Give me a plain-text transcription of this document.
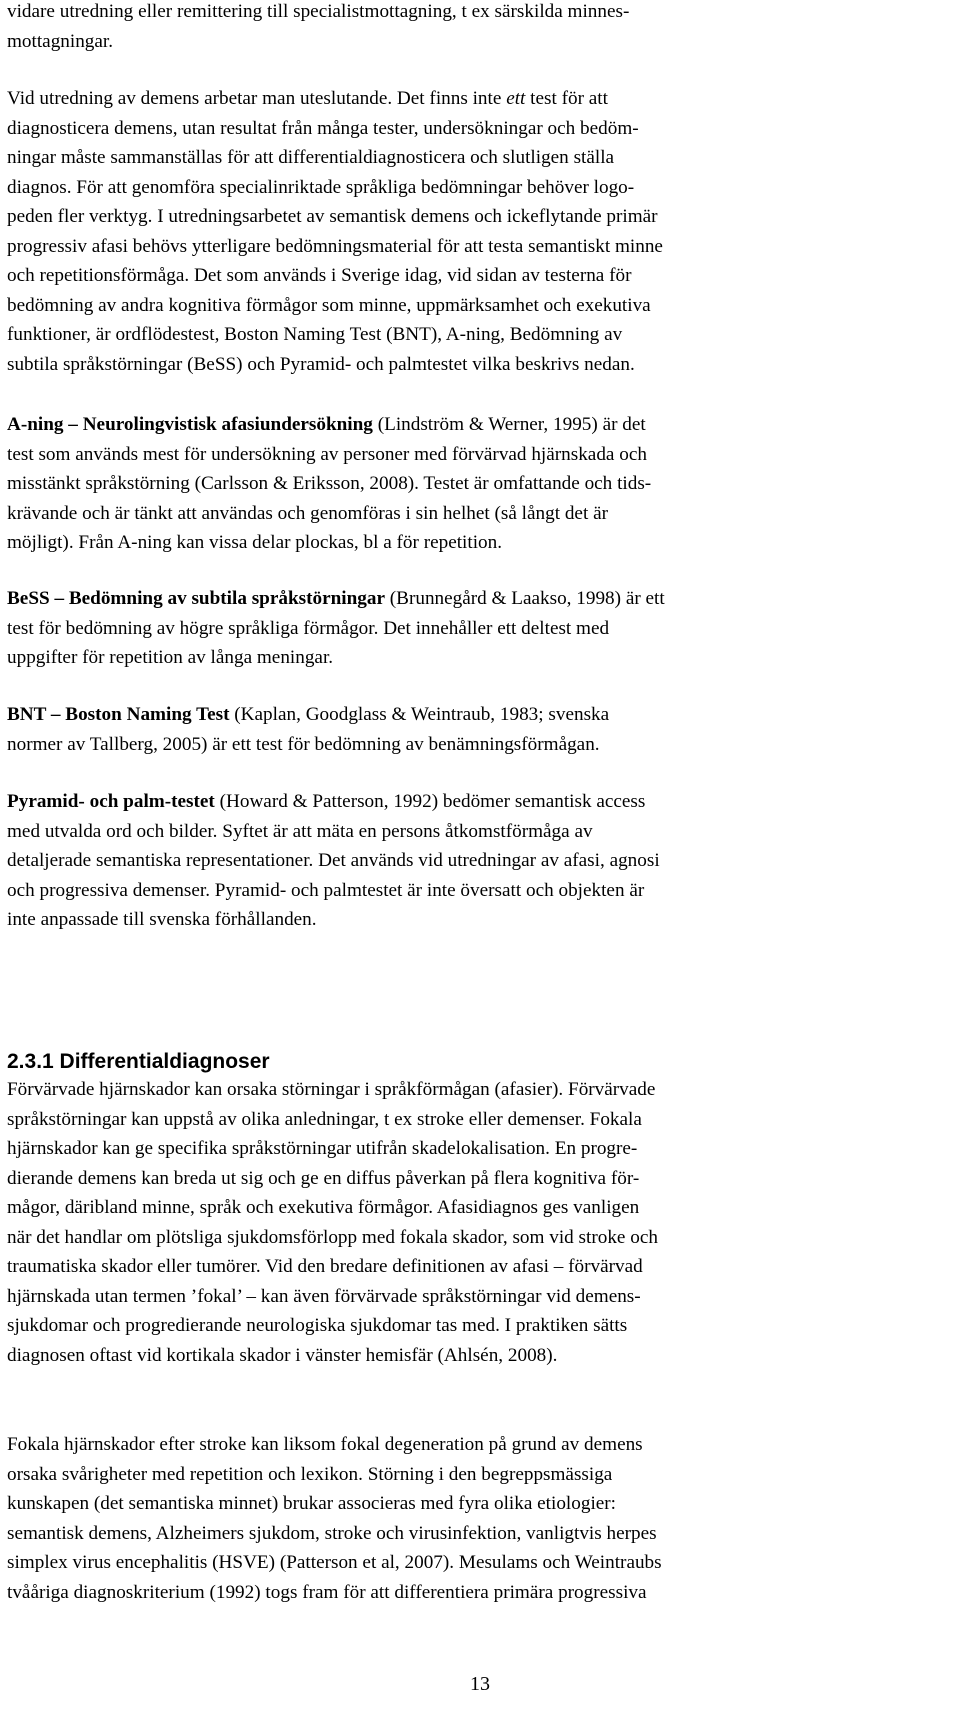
vidare utredning eller remittering till specialistmottagning, t ex särskilda minnes-
mottagningar.
Vid utredning av demens arbetar man uteslutande. Det finns inte ett test för att
diagnosticera demens, utan resultat från många tester, undersökningar och bedöm-
ningar måste sammanställas för att differentialdiagnosticera och slutligen ställa
diagnos. För att genomföra specialinriktade språkliga bedömningar behöver logo-
peden fler verktyg. I utredningsarbetet av semantisk demens och ickeflytande primär
progressiv afasi behövs ytterligare bedömningsmaterial för att testa semantiskt minne
och repetitionsförmåga. Det som används i Sverige idag, vid sidan av testerna för
bedömning av andra kognitiva förmågor som minne, uppmärksamhet och exekutiva
funktioner, är ordflödestest, Boston Naming Test (BNT), A-ning, Bedömning av
subtila språkstörningar (BeSS) och Pyramid- och palmtestet vilka beskrivs nedan.
A-ning – Neurolingvistisk afasiundersökning (Lindström & Werner, 1995) är det
test som används mest för undersökning av personer med förvärvad hjärnskada och
misstänkt språkstörning (Carlsson & Eriksson, 2008). Testet är omfattande och tids-
krävande och är tänkt att användas och genomföras i sin helhet (så långt det är
möjligt). Från A-ning kan vissa delar plockas, bl a för repetition.
BeSS – Bedömning av subtila språkstörningar (Brunnegård & Laakso, 1998) är ett
test för bedömning av högre språkliga förmågor. Det innehåller ett deltest med
uppgifter för repetition av långa meningar.
BNT – Boston Naming Test (Kaplan, Goodglass & Weintraub, 1983; svenska
normer av Tallberg, 2005) är ett test för bedömning av benämningsförmågan.
Pyramid- och palm-testet (Howard & Patterson, 1992) bedömer semantisk access
med utvalda ord och bilder. Syftet är att mäta en persons åtkomstförmåga av
detaljerade semantiska representationer. Det används vid utredningar av afasi, agnosi
och progressiva demenser. Pyramid- och palmtestet är inte översatt och objekten är
inte anpassade till svenska förhållanden.
2.3.1 Differentialdiagnoser
Förvärvade hjärnskador kan orsaka störningar i språkförmågan (afasier). Förvärvade
språkstörningar kan uppstå av olika anledningar, t ex stroke eller demenser. Fokala
hjärnskador kan ge specifika språkstörningar utifrån skadelokalisation. En progre-
dierande demens kan breda ut sig och ge en diffus påverkan på flera kognitiva för-
mågor, däribland minne, språk och exekutiva förmågor. Afasidiagnos ges vanligen
när det handlar om plötsliga sjukdomsförlopp med fokala skador, som vid stroke och
traumatiska skador eller tumörer. Vid den bredare definitionen av afasi – förvärvad
hjärnskada utan termen ’fokal’ – kan även förvärvade språkstörningar vid demens-
sjukdomar och progredierande neurologiska sjukdomar tas med. I praktiken sätts
diagnosen oftast vid kortikala skador i vänster hemisfär (Ahlsén, 2008).
Fokala hjärnskador efter stroke kan liksom fokal degeneration på grund av demens
orsaka svårigheter med repetition och lexikon. Störning i den begreppsmässiga
kunskapen (det semantiska minnet) brukar associeras med fyra olika etiologier:
semantisk demens, Alzheimers sjukdom, stroke och virusinfektion, vanligtvis herpes
simplex virus encephalitis (HSVE) (Patterson et al, 2007). Mesulams och Weintraubs
tvååriga diagnoskriterium (1992) togs fram för att differentiera primära progressiva
13
